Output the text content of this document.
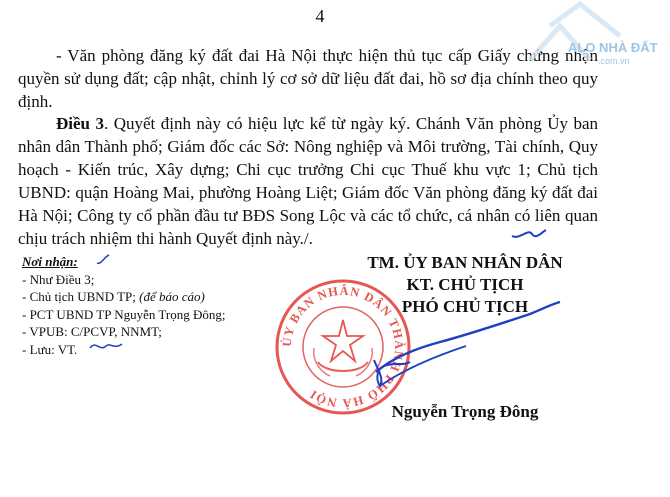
4
- Văn phòng đăng ký đất đai Hà Nội thực hiện thủ tục cấp Giấy chứng nhận quyền sử dụng đất; cập nhật, chỉnh lý cơ sở dữ liệu đất đai, hồ sơ địa chính theo quy định.
Điều 3. Quyết định này có hiệu lực kể từ ngày ký. Chánh Văn phòng Ủy ban nhân dân Thành phố; Giám đốc các Sở: Nông nghiệp và Môi trường, Tài chính, Quy hoạch - Kiến trúc, Xây dựng; Chi cục trưởng Chi cục Thuế khu vực 1; Chủ tịch UBND: quận Hoàng Mai, phường Hoàng Liệt; Giám đốc Văn phòng đăng ký đất đai Hà Nội; Công ty cổ phần đầu tư BĐS Song Lộc và các tổ chức, cá nhân có liên quan chịu trách nhiệm thi hành Quyết định này./.
Nơi nhận:
- Như Điều 3;
- Chủ tịch UBND TP; (để báo cáo)
- PCT UBND TP Nguyễn Trọng Đông;
- VPUB: C/PCVP, NNMT;
- Lưu: VT.
TM. ỦY BAN NHÂN DÂN
KT. CHỦ TỊCH
PHÓ CHỦ TỊCH
ỦY BAN NHÂN DÂN THÀNH PHỐ HÀ NỘI
Nguyễn Trọng Đông
ALO NHÀ ĐẤT
.com.vn
